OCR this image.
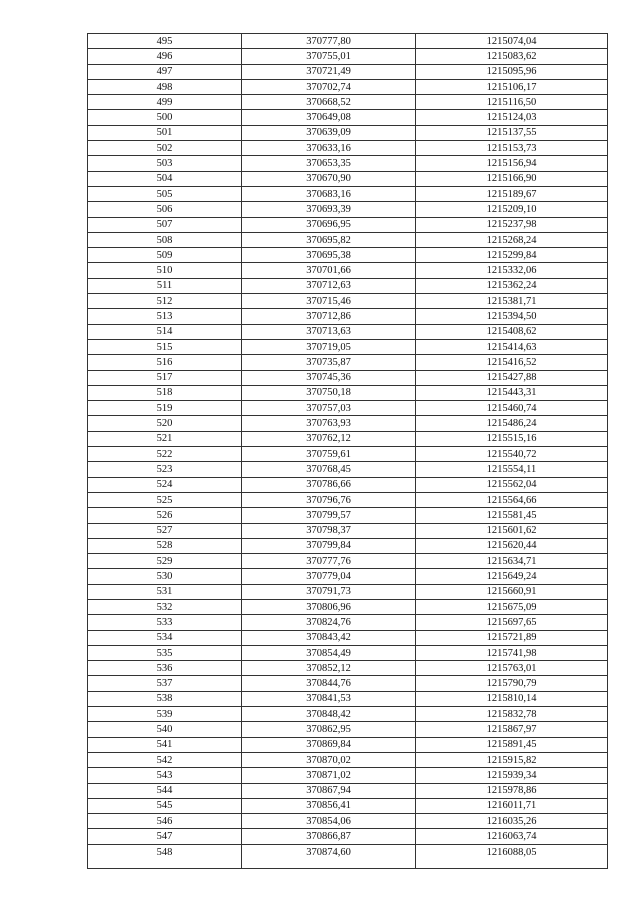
495	370777,80	1215074,04
496	370755,01	1215083,62
497	370721,49	1215095,96
498	370702,74	1215106,17
499	370668,52	1215116,50
500	370649,08	1215124,03
501	370639,09	1215137,55
502	370633,16	1215153,73
503	370653,35	1215156,94
504	370670,90	1215166,90
505	370683,16	1215189,67
506	370693,39	1215209,10
507	370696,95	1215237,98
508	370695,82	1215268,24
509	370695,38	1215299,84
510	370701,66	1215332,06
511	370712,63	1215362,24
512	370715,46	1215381,71
513	370712,86	1215394,50
514	370713,63	1215408,62
515	370719,05	1215414,63
516	370735,87	1215416,52
517	370745,36	1215427,88
518	370750,18	1215443,31
519	370757,03	1215460,74
520	370763,93	1215486,24
521	370762,12	1215515,16
522	370759,61	1215540,72
523	370768,45	1215554,11
524	370786,66	1215562,04
525	370796,76	1215564,66
526	370799,57	1215581,45
527	370798,37	1215601,62
528	370799,84	1215620,44
529	370777,76	1215634,71
530	370779,04	1215649,24
531	370791,73	1215660,91
532	370806,96	1215675,09
533	370824,76	1215697,65
534	370843,42	1215721,89
535	370854,49	1215741,98
536	370852,12	1215763,01
537	370844,76	1215790,79
538	370841,53	1215810,14
539	370848,42	1215832,78
540	370862,95	1215867,97
541	370869,84	1215891,45
542	370870,02	1215915,82
543	370871,02	1215939,34
544	370867,94	1215978,86
545	370856,41	1216011,71
546	370854,06	1216035,26
547	370866,87	1216063,74
548	370874,60	1216088,05
